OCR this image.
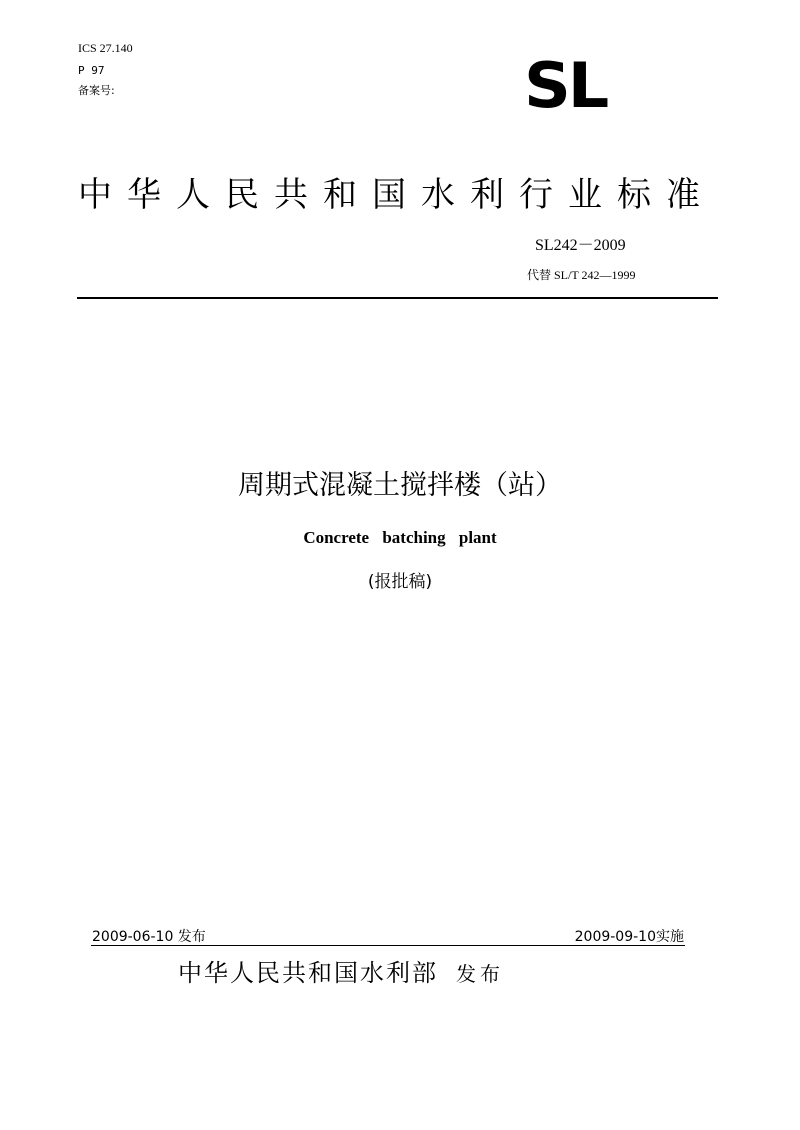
ICS 27.140
P 97
备案号:	SL
中华人民共和国水利行业标准
SL242－2009
代替 SL/T 242—1999
周期式混凝土搅拌楼（站）
Concrete batching plant
(报批稿)
2009-06-10 发布	2009-09-10实施
中华人民共和国水利部 发布
